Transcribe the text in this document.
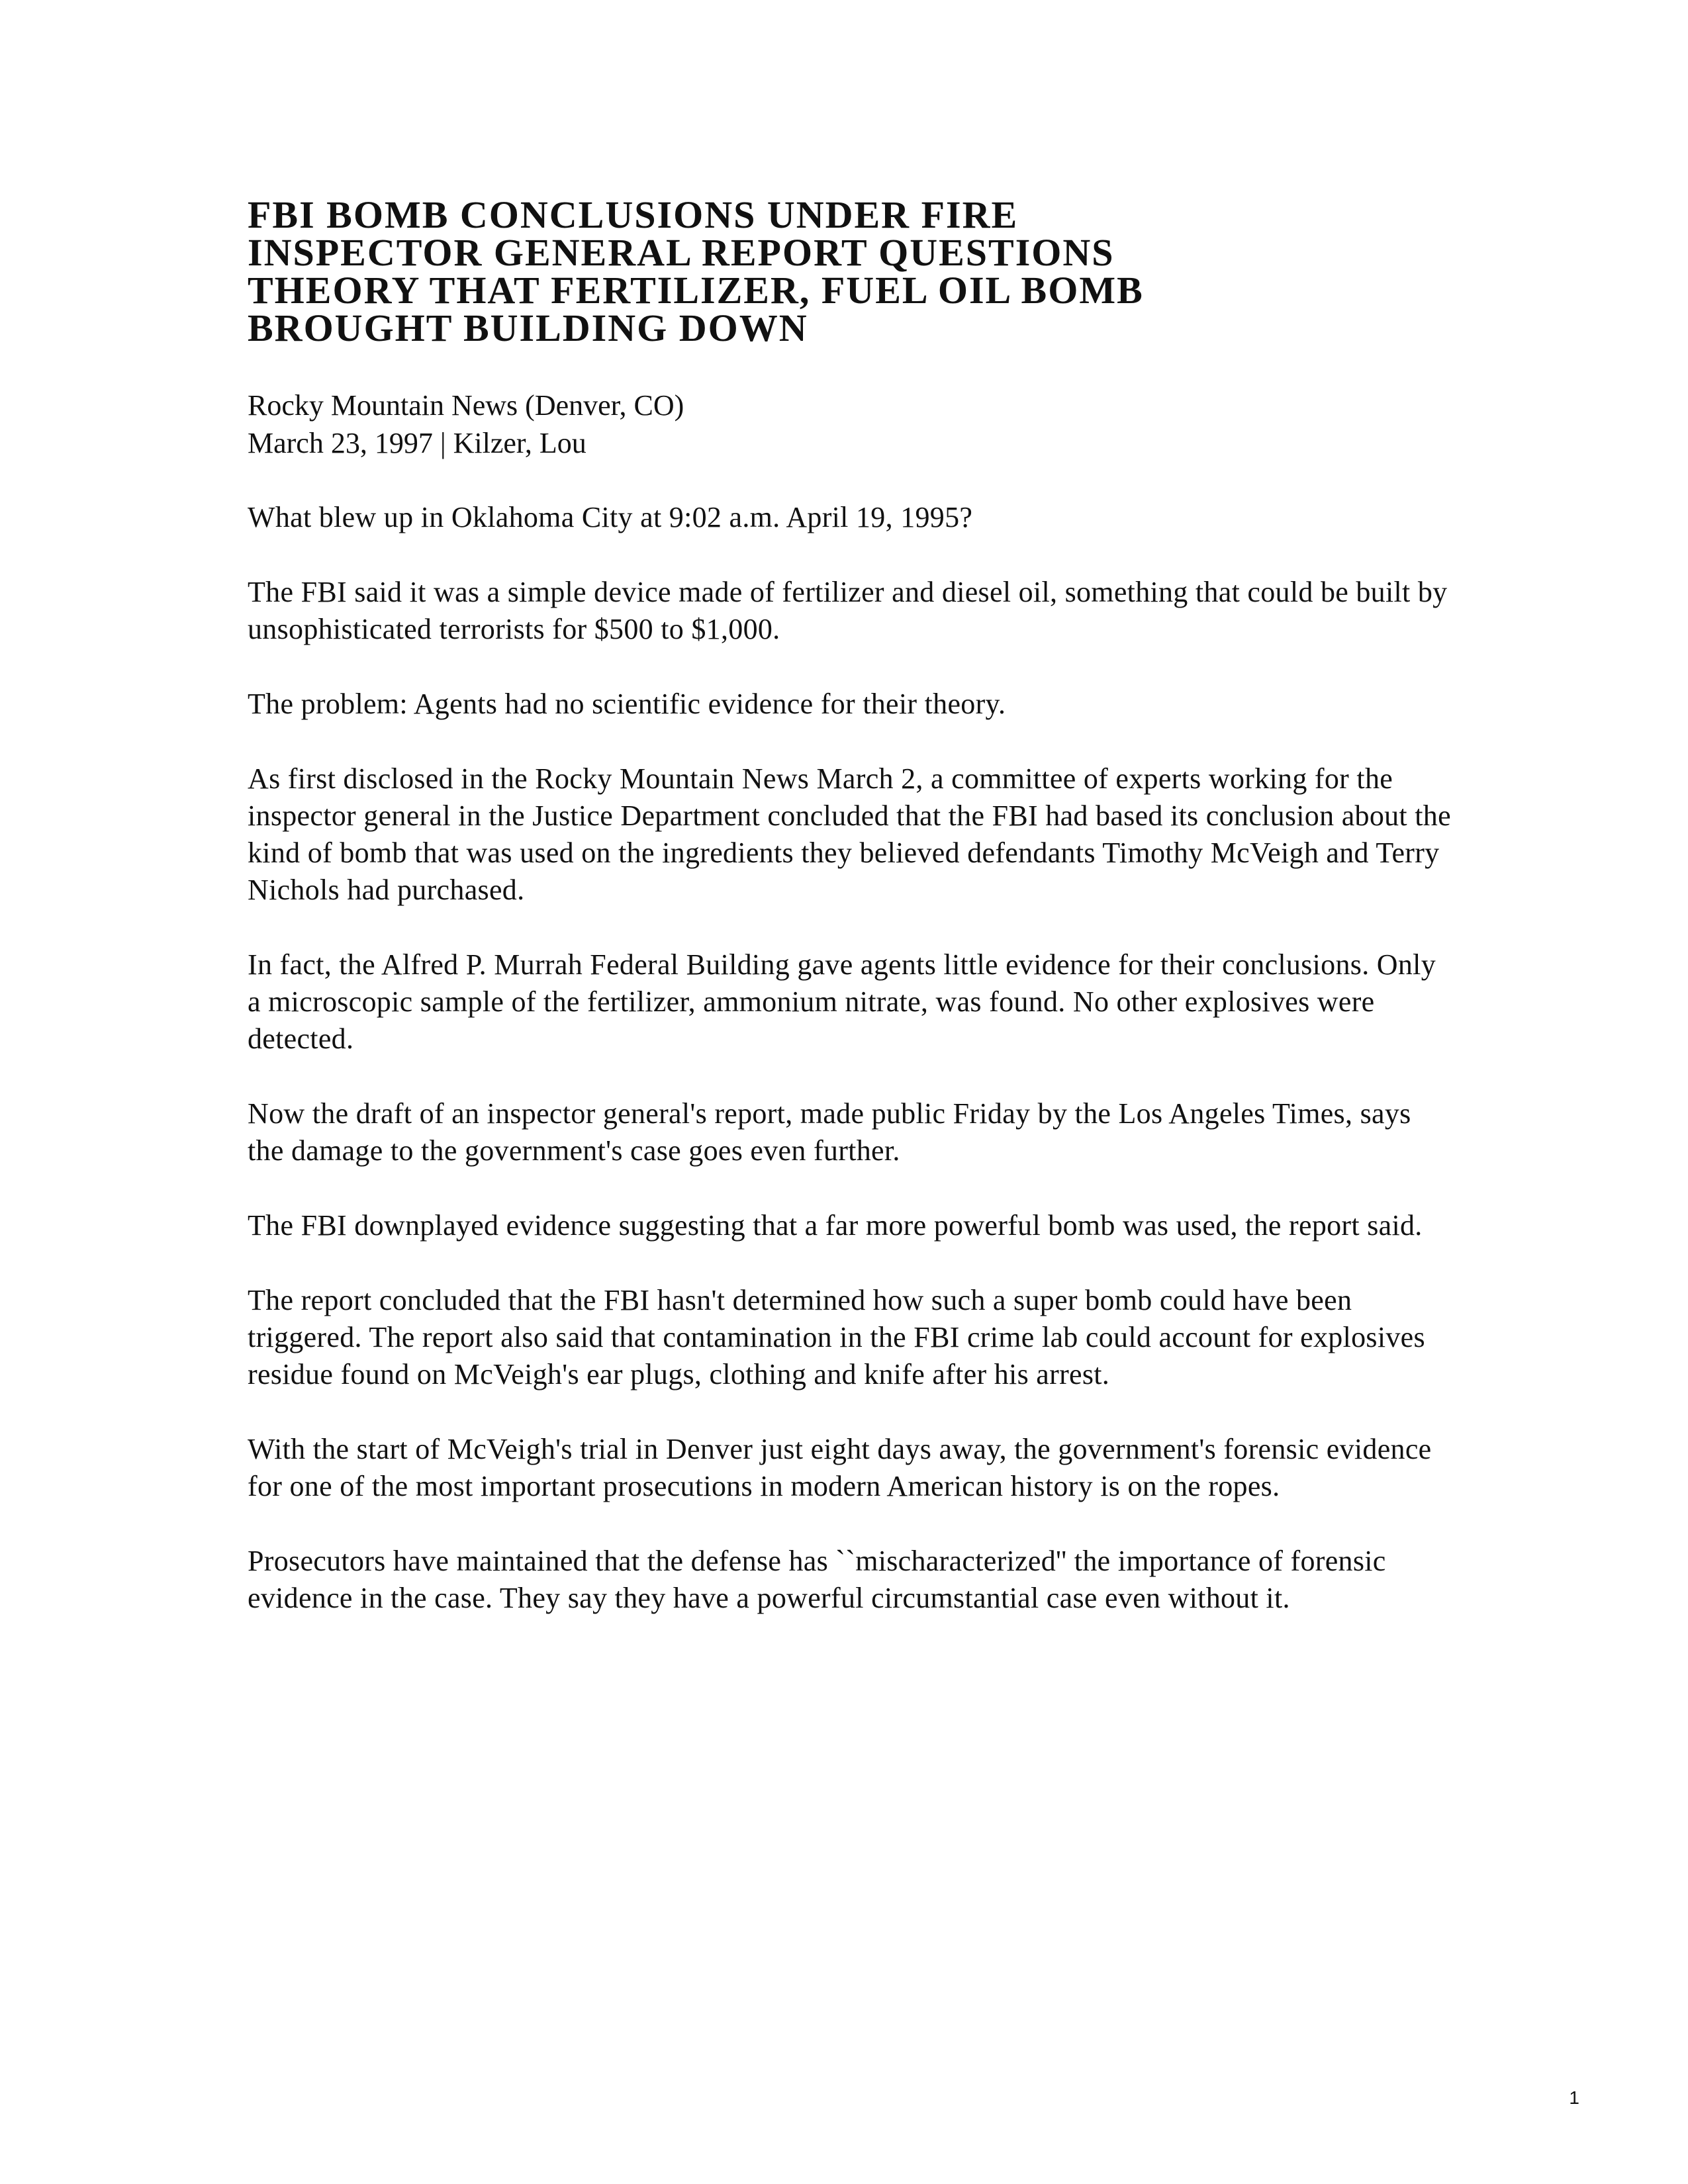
FBI BOMB CONCLUSIONS UNDER FIRE
INSPECTOR GENERAL REPORT QUESTIONS
THEORY THAT FERTILIZER, FUEL OIL BOMB
BROUGHT BUILDING DOWN
Rocky Mountain News (Denver, CO)
March 23, 1997 | Kilzer, Lou

What blew up in Oklahoma City at 9:02 a.m. April 19, 1995?

The FBI said it was a simple device made of fertilizer and diesel oil, something that could be built by unsophisticated terrorists for $500 to $1,000.

The problem: Agents had no scientific evidence for their theory.

As first disclosed in the Rocky Mountain News March 2, a committee of experts working for the inspector general in the Justice Department concluded that the FBI had based its conclusion about the kind of bomb that was used on the ingredients they believed defendants Timothy McVeigh and Terry Nichols had purchased.

In fact, the Alfred P. Murrah Federal Building gave agents little evidence for their conclusions. Only a microscopic sample of the fertilizer, ammonium nitrate, was found. No other explosives were detected.

Now the draft of an inspector general's report, made public Friday by the Los Angeles Times, says the damage to the government's case goes even further.

The FBI downplayed evidence suggesting that a far more powerful bomb was used, the report said.

The report concluded that the FBI hasn't determined how such a super bomb could have been triggered. The report also said that contamination in the FBI crime lab could account for explosives residue found on McVeigh's ear plugs, clothing and knife after his arrest.

With the start of McVeigh's trial in Denver just eight days away, the government's forensic evidence for one of the most important prosecutions in modern American history is on the ropes.

Prosecutors have maintained that the defense has ``mischaracterized'' the importance of forensic evidence in the case. They say they have a powerful circumstantial case even without it.

1
